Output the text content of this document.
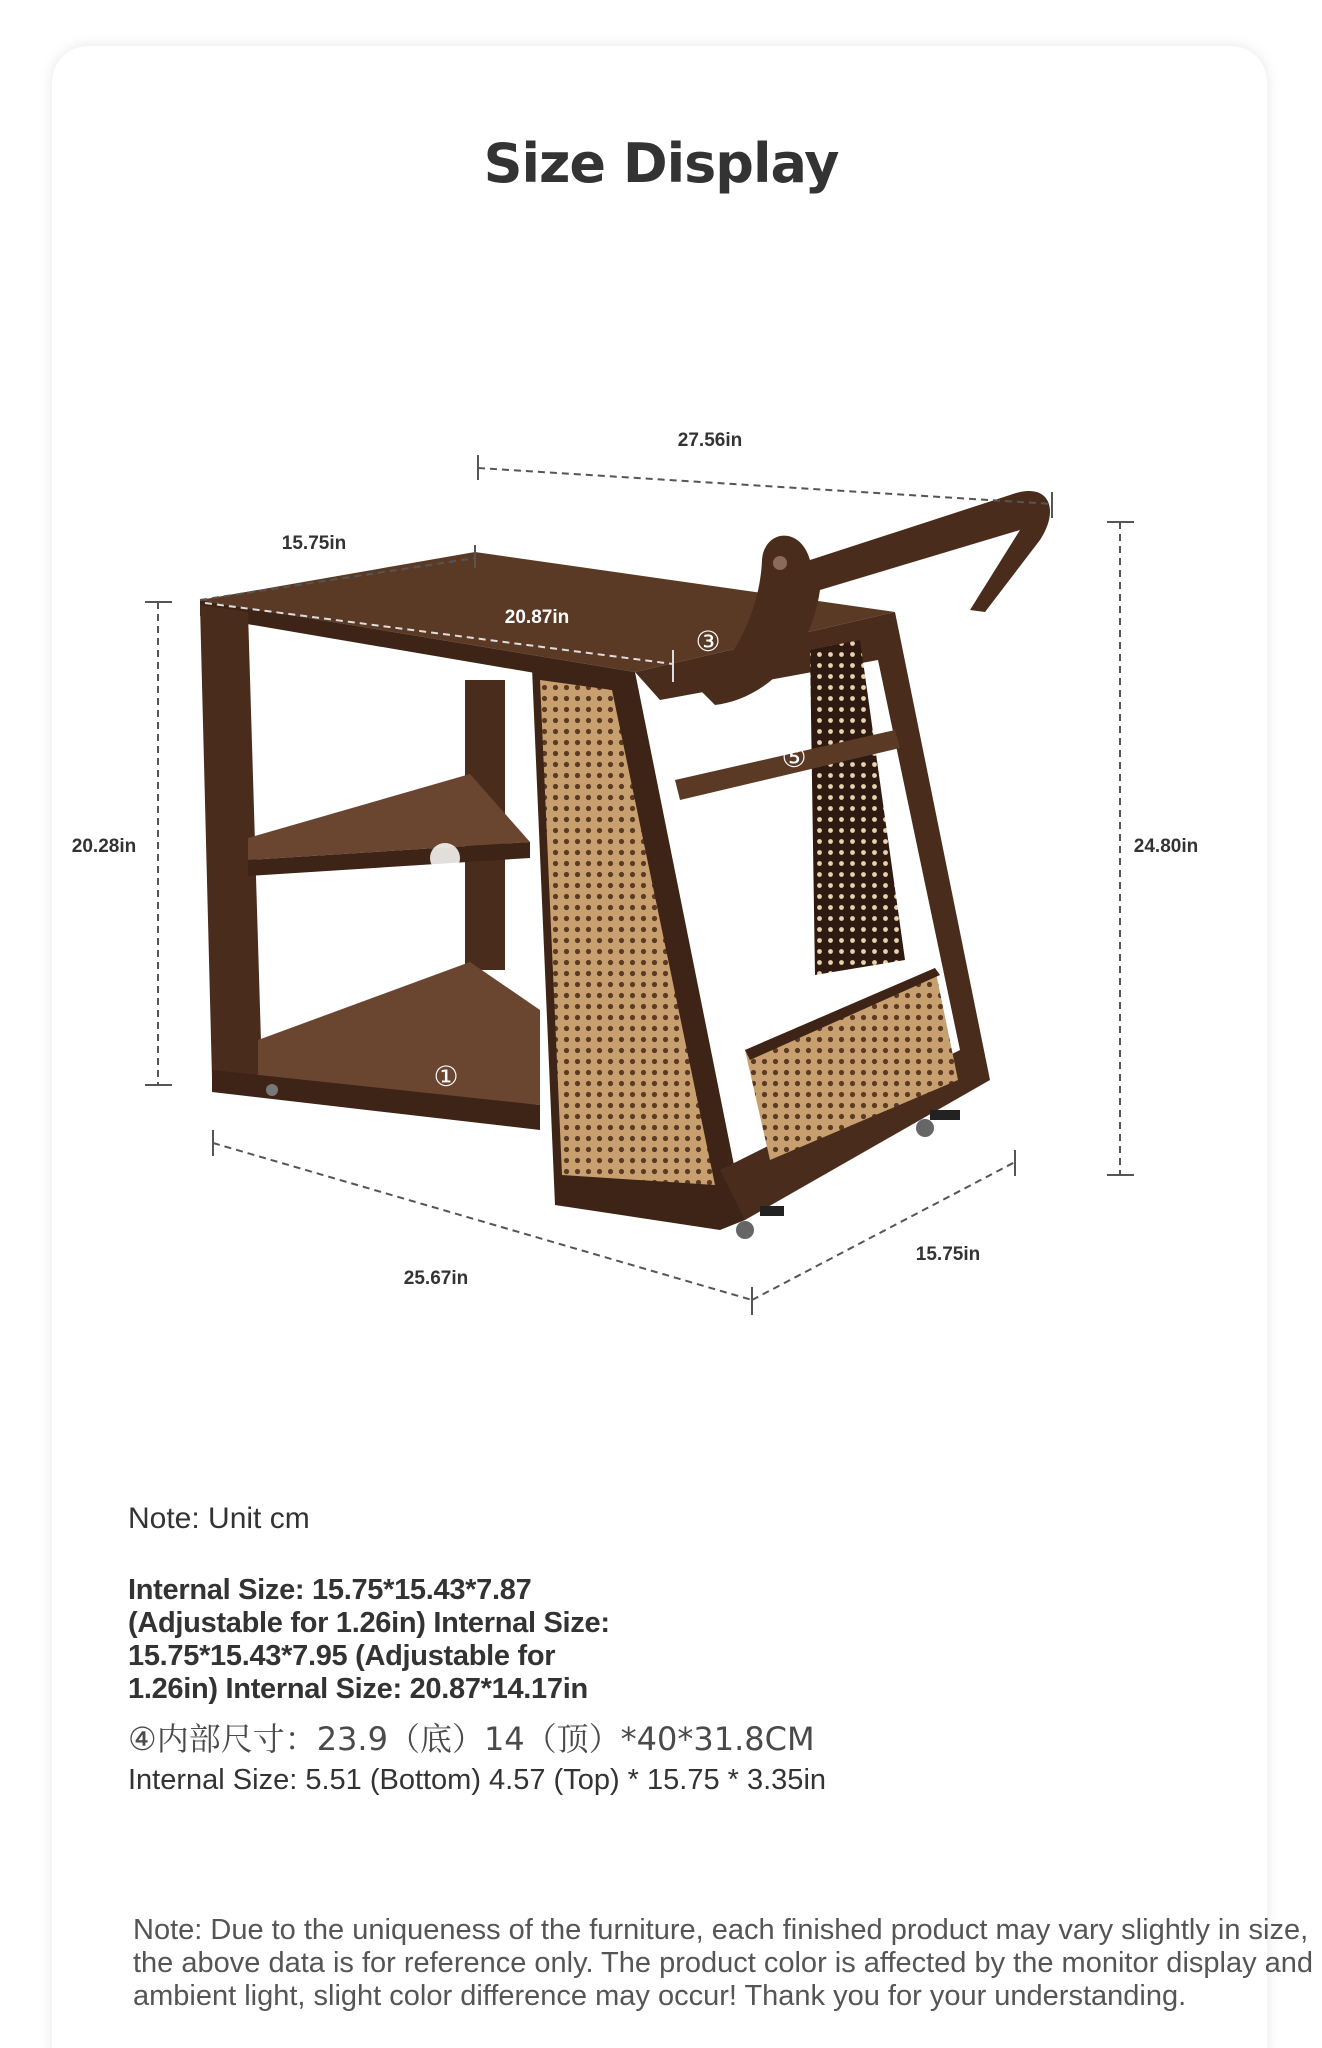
Size Display
①
③
④
⑤
27.56in
15.75in
20.87in
20.28in	24.80in
25.67in
15.75in
Note: Unit cm
Internal Size: 15.75*15.43*7.87
(Adjustable for 1.26in) Internal Size:
15.75*15.43*7.95 (Adjustable for
1.26in) Internal Size: 20.87*14.17in
④内部尺寸：23.9（底）14（顶）*40*31.8CM
Internal Size: 5.51 (Bottom) 4.57 (Top) * 15.75 * 3.35in
Note: Due to the uniqueness of the furniture, each finished product may vary slightly in size,
the above data is for reference only. The product color is affected by the monitor display and
ambient light, slight color difference may occur! Thank you for your understanding.
